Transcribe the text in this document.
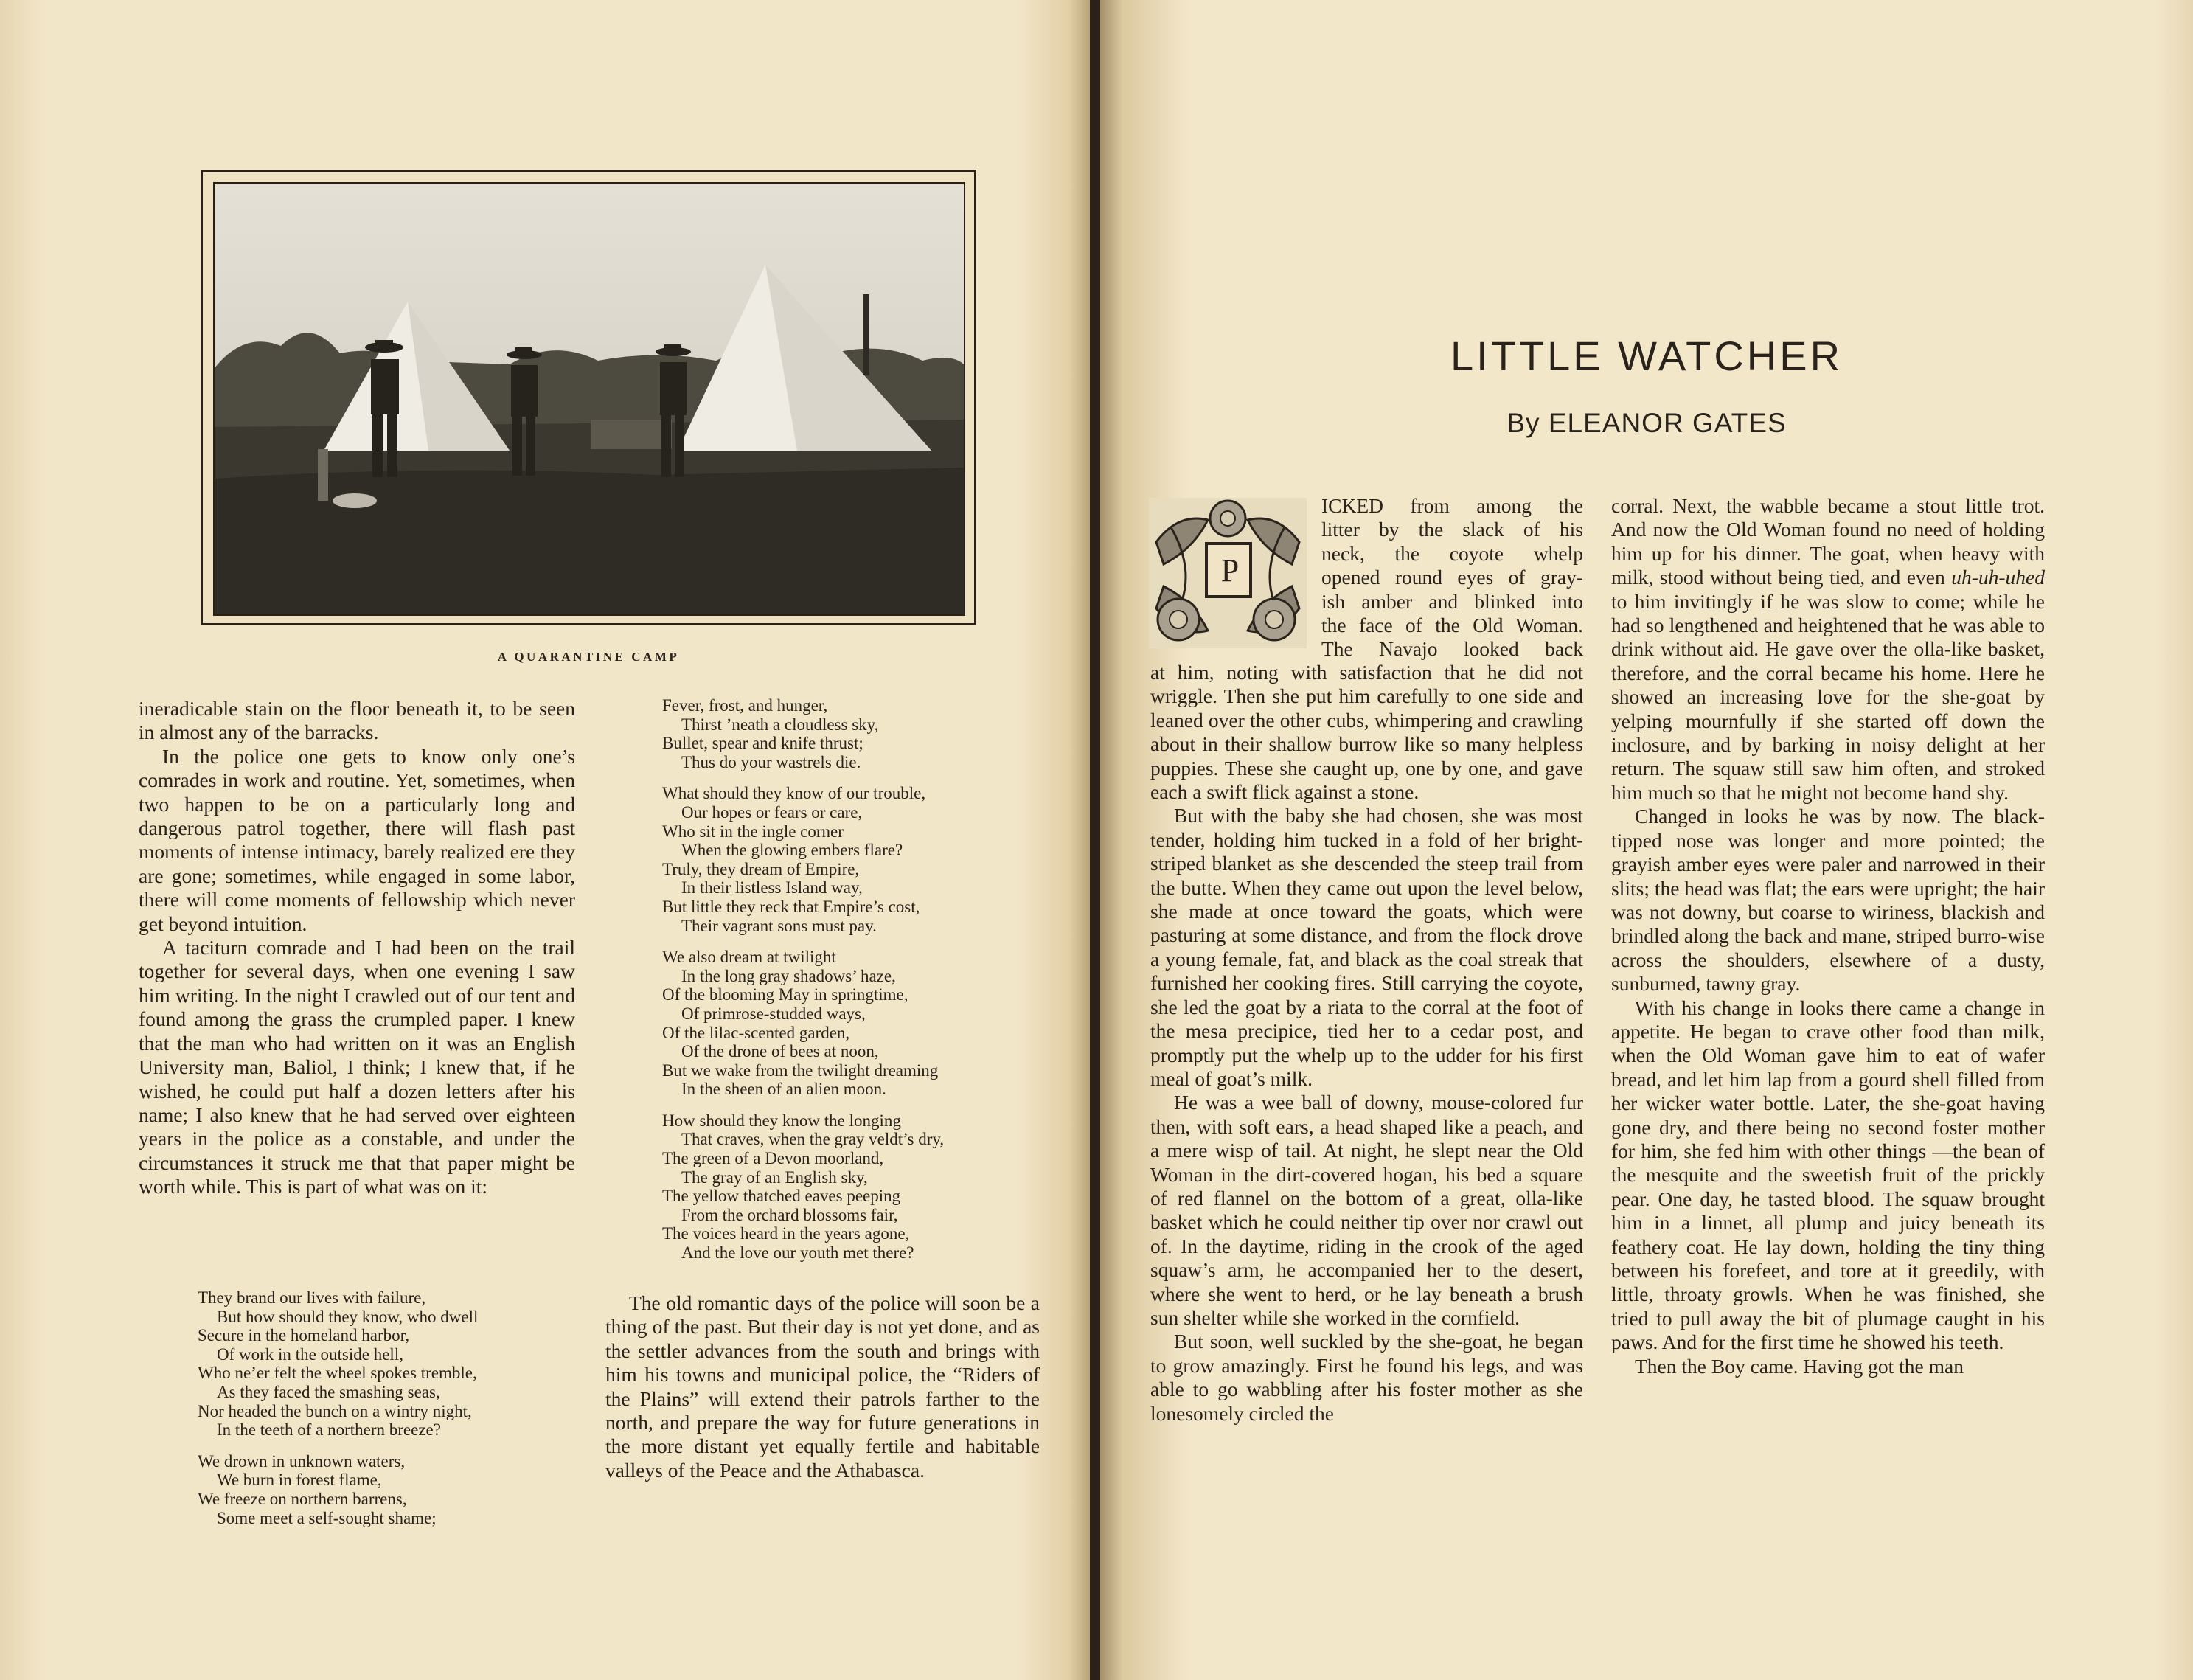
A QUARANTINE CAMP

ineradicable stain on the floor beneath it, to be seen in almost any of the barracks.

In the police one gets to know only one’s comrades in work and routine. Yet, sometimes, when two happen to be on a particularly long and dangerous patrol together, there will flash past moments of intense intimacy, barely realized ere they are gone; sometimes, while engaged in some labor, there will come moments of fellowship which never get beyond intuition.

A taciturn comrade and I had been on the trail together for several days, when one evening I saw him writing. In the night I crawled out of our tent and found among the grass the crumpled paper. I knew that the man who had written on it was an English University man, Baliol, I think; I knew that, if he wished, he could put half a dozen letters after his name; I also knew that he had served over eighteen years in the police as a constable, and under the circumstances it struck me that that paper might be worth while. This is part of what was on it:

They brand our lives with failure,
But how should they know, who dwell
Secure in the homeland harbor,
Of work in the outside hell,
Who ne’er felt the wheel spokes tremble,
As they faced the smashing seas,
Nor headed the bunch on a wintry night,
In the teeth of a northern breeze?
We drown in unknown waters,
We burn in forest flame,
We freeze on northern barrens,
Some meet a self-sought shame;
Fever, frost, and hunger,
Thirst ’neath a cloudless sky,
Bullet, spear and knife thrust;
Thus do your wastrels die.
What should they know of our trouble,
Our hopes or fears or care,
Who sit in the ingle corner
When the glowing embers flare?
Truly, they dream of Empire,
In their listless Island way,
But little they reck that Empire’s cost,
Their vagrant sons must pay.
We also dream at twilight
In the long gray shadows’ haze,
Of the blooming May in springtime,
Of primrose-studded ways,
Of the lilac-scented garden,
Of the drone of bees at noon,
But we wake from the twilight dreaming
In the sheen of an alien moon.
How should they know the longing
That craves, when the gray veldt’s dry,
The green of a Devon moorland,
The gray of an English sky,
The yellow thatched eaves peeping
From the orchard blossoms fair,
The voices heard in the years agone,
And the love our youth met there?

The old romantic days of the police will soon be a thing of the past. But their day is not yet done, and as the settler advances from the south and brings with him his towns and municipal police, the “Riders of the Plains” will extend their patrols farther to the north, and prepare the way for future generations in the more distant yet equally fertile and habitable valleys of the Peace and the Athabasca.

LITTLE WATCHER
By ELEANOR GATES
P
ICKED from among the
litter by the slack of his
neck, the coyote whelp
opened round eyes of gray-
ish amber and blinked into
the face of the Old Woman.
The Navajo looked back

at him, noting with satisfaction that he did not wriggle. Then she put him carefully to one side and leaned over the other cubs, whimpering and crawling about in their shallow burrow like so many helpless puppies. These she caught up, one by one, and gave each a swift flick against a stone.

But with the baby she had chosen, she was most tender, holding him tucked in a fold of her bright-striped blanket as she descended the steep trail from the butte. When they came out upon the level below, she made at once toward the goats, which were pasturing at some distance, and from the flock drove a young female, fat, and black as the coal streak that furnished her cooking fires. Still carrying the coyote, she led the goat by a riata to the corral at the foot of the mesa precipice, tied her to a cedar post, and promptly put the whelp up to the udder for his first meal of goat’s milk.

He was a wee ball of downy, mouse-colored fur then, with soft ears, a head shaped like a peach, and a mere wisp of tail. At night, he slept near the Old Woman in the dirt-covered hogan, his bed a square of red flannel on the bottom of a great, olla-like basket which he could neither tip over nor crawl out of. In the daytime, riding in the crook of the aged squaw’s arm, he accompanied her to the desert, where she went to herd, or he lay beneath a brush sun shelter while she worked in the cornfield.

But soon, well suckled by the she-goat, he began to grow amazingly. First he found his legs, and was able to go wabbling after his foster mother as she lonesomely circled the

corral. Next, the wabble became a stout little trot. And now the Old Woman found no need of holding him up for his dinner. The goat, when heavy with milk, stood without being tied, and even uh-uh-uhed to him invitingly if he was slow to come; while he had so lengthened and heightened that he was able to drink without aid. He gave over the olla-like basket, therefore, and the corral became his home. Here he showed an increasing love for the she-goat by yelping mournfully if she started off down the inclosure, and by barking in noisy delight at her return. The squaw still saw him often, and stroked him much so that he might not become hand shy.

Changed in looks he was by now. The black-tipped nose was longer and more pointed; the grayish amber eyes were paler and narrowed in their slits; the head was flat; the ears were upright; the hair was not downy, but coarse to wiriness, blackish and brindled along the back and mane, striped burro-wise across the shoulders, elsewhere of a dusty, sunburned, tawny gray.

With his change in looks there came a change in appetite. He began to crave other food than milk, when the Old Woman gave him to eat of wafer bread, and let him lap from a gourd shell filled from her wicker water bottle. Later, the she-goat having gone dry, and there being no second foster mother for him, she fed him with other things —the bean of the mesquite and the sweetish fruit of the prickly pear. One day, he tasted blood. The squaw brought him in a linnet, all plump and juicy beneath its feathery coat. He lay down, holding the tiny thing between his forefeet, and tore at it greedily, with little, throaty growls. When he was finished, she tried to pull away the bit of plumage caught in his paws. And for the first time he showed his teeth.

Then the Boy came. Having got the man
